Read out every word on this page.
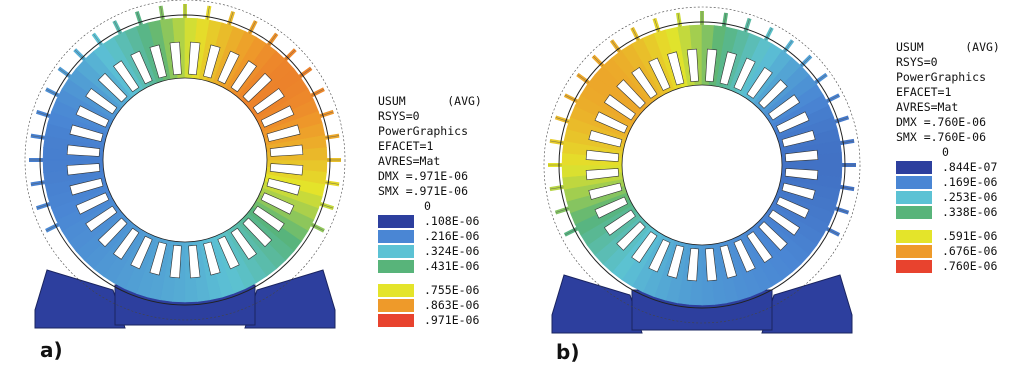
USUM      (AVG)
RSYS=0
PowerGraphics
EFACET=1
AVRES=Mat
DMX =.971E-06
SMX =.971E-06
0
.108E-06
.216E-06
.324E-06
.431E-06
.755E-06
.863E-06
.971E-06
a)
USUM      (AVG)
RSYS=0
PowerGraphics
EFACET=1
AVRES=Mat
DMX =.760E-06
SMX =.760E-06
0
.844E-07
.169E-06
.253E-06
.338E-06
.591E-06
.676E-06
.760E-06
b)
